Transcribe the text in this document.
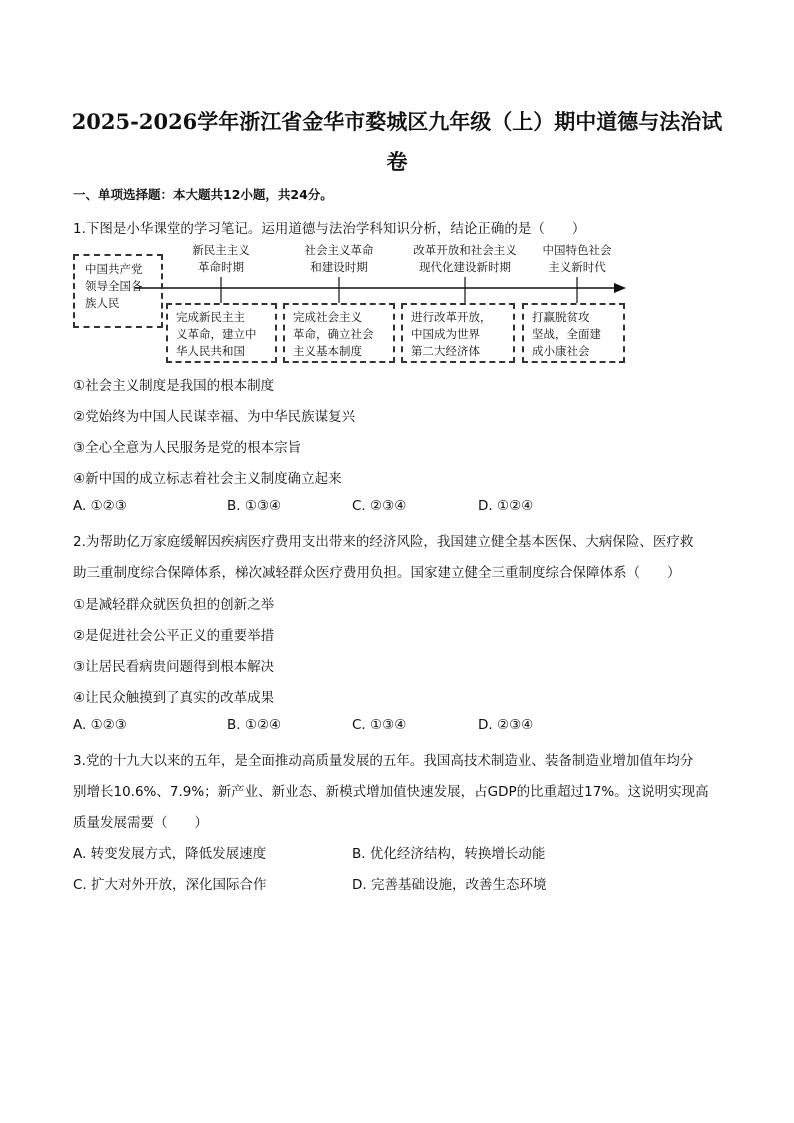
2025-2026学年浙江省金华市婺城区九年级（上）期中道德与法治试
卷
一、单项选择题：本大题共12小题，共24分。
1.下图是小华课堂的学习笔记。运用道德与法治学科知识分析，结论正确的是（　　）
中国共产党
领导全国各
族人民
新民主主义
革命时期
社会主义革命
和建设时期
改革开放和社会主义
现代化建设新时期
中国特色社会
主义新时代
完成新民主主
义革命，建立中
华人民共和国
完成社会主义
革命，确立社会
主义基本制度
进行改革开放，
中国成为世界
第二大经济体
打赢脱贫攻
坚战，全面建
成小康社会
①社会主义制度是我国的根本制度
②党始终为中国人民谋幸福、为中华民族谋复兴
③全心全意为人民服务是党的根本宗旨
④新中国的成立标志着社会主义制度确立起来
A. ①②③	B. ①③④	C. ②③④	D. ①②④
2.为帮助亿万家庭缓解因疾病医疗费用支出带来的经济风险，我国建立健全基本医保、大病保险、医疗救
助三重制度综合保障体系，梯次减轻群众医疗费用负担。国家建立健全三重制度综合保障体系（　　）
①是减轻群众就医负担的创新之举
②是促进社会公平正义的重要举措
③让居民看病贵问题得到根本解决
④让民众触摸到了真实的改革成果
A. ①②③	B. ①②④	C. ①③④	D. ②③④
3.党的十九大以来的五年，是全面推动高质量发展的五年。我国高技术制造业、装备制造业增加值年均分
别增长10.6%、7.9%；新产业、新业态、新模式增加值快速发展，占GDP的比重超过17%。这说明实现高
质量发展需要（　　）
A. 转变发展方式，降低发展速度	B. 优化经济结构，转换增长动能
C. 扩大对外开放，深化国际合作	D. 完善基础设施，改善生态环境
